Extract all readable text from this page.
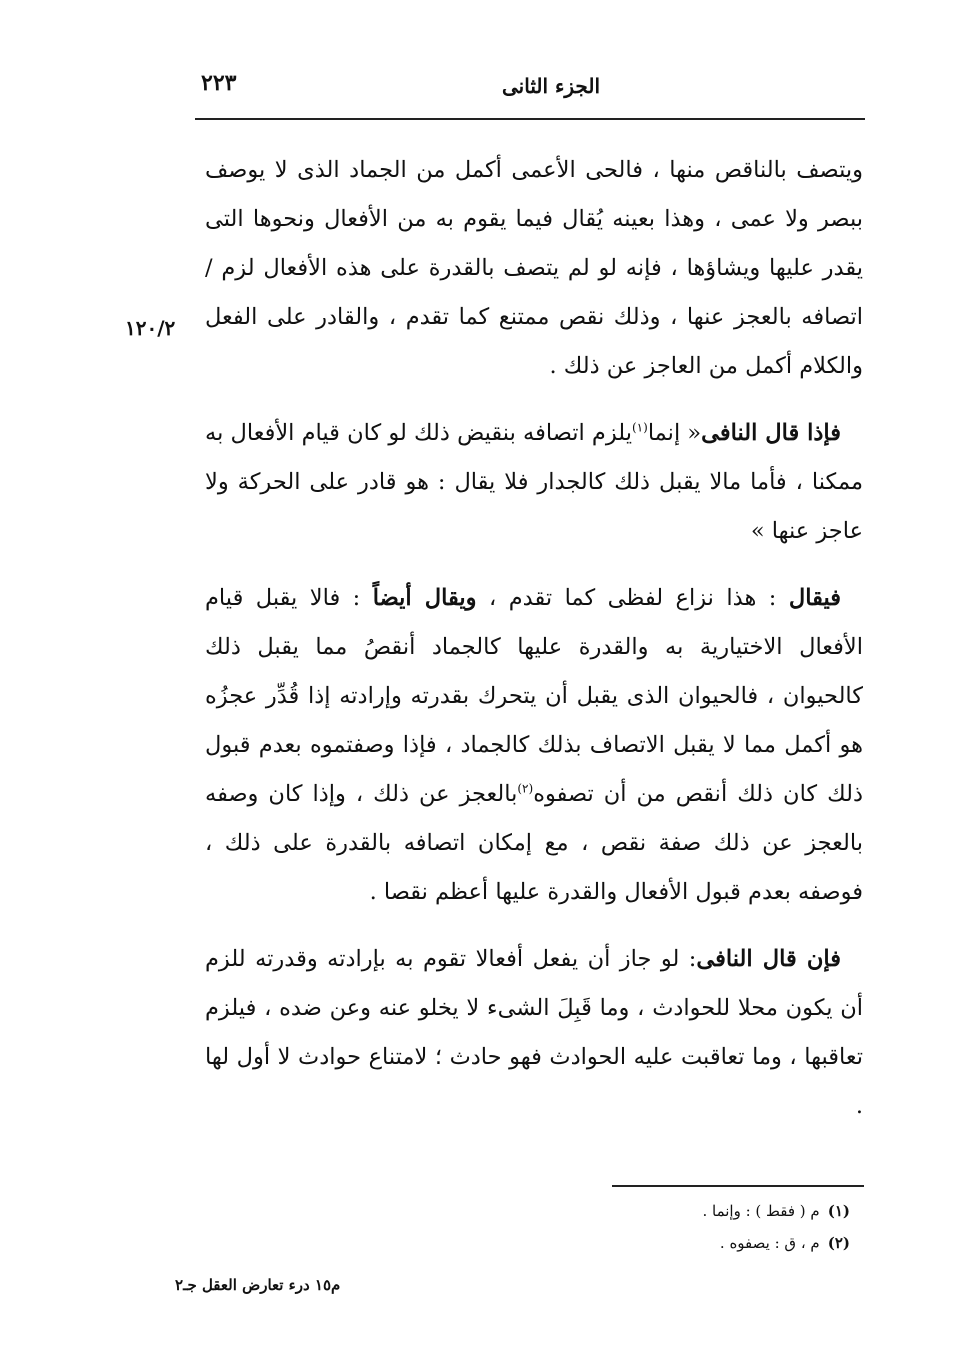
الجزء الثانى
٢٢٣
١٢٠/٢

ويتصف بالناقص منها ، فالحى الأعمى أكمل من الجماد الذى لا يوصف ببصر ولا عمى ، وهذا بعينه يُقال فيما يقوم به من الأفعال ونحوها التى يقدر عليها ويشاؤها ، فإنه لو لم يتصف بالقدرة على هذه الأفعال لزم / اتصافه بالعجز عنها ، وذلك نقص ممتنع كما تقدم ، والقادر على الفعل والكلام أكمل من العاجز عن ذلك .

فإذا قال النافى« إنما$^{(١)}$يلزم اتصافه بنقيض ذلك لو كان قيام الأفعال به ممكنا ، فأما مالا يقبل ذلك كالجدار فلا يقال : هو قادر على الحركة ولا عاجز عنها »

فيقال : هذا نزاع لفظى كما تقدم ، ويقال أيضاً : فالا يقبل قيام الأفعال الاختيارية به والقدرة عليها كالجماد أنقصُ مما يقبل ذلك كالحيوان ، فالحيوان الذى يقبل أن يتحرك بقدرته وإرادته إذا قُدِّر عجزُه هو أكمل مما لا يقبل الاتصاف بذلك كالجماد ، فإذا وصفتموه بعدم قبول ذلك كان ذلك أنقص من أن تصفوه$^{(٢)}$بالعجز عن ذلك ، وإذا كان وصفه بالعجز عن ذلك صفة نقص ، مع إمكان اتصافه بالقدرة على ذلك ، فوصفه بعدم قبول الأفعال والقدرة عليها أعظم نقصا .

فإن قال النافى: لو جاز أن يفعل أفعالا تقوم به بإرادته وقدرته للزم أن يكون محلا للحوادث ، وما قَبِلَ الشىء لا يخلو عنه وعن ضده ، فيلزم تعاقبها ، وما تعاقبت عليه الحوادث فهو حادث ؛ لامتناع حوادث لا أول لها .

(١)م ( فقط ) : وإنما .
(٢)م ، ق : يصفوه .
م١٥ درء تعارض العقل جـ٢
